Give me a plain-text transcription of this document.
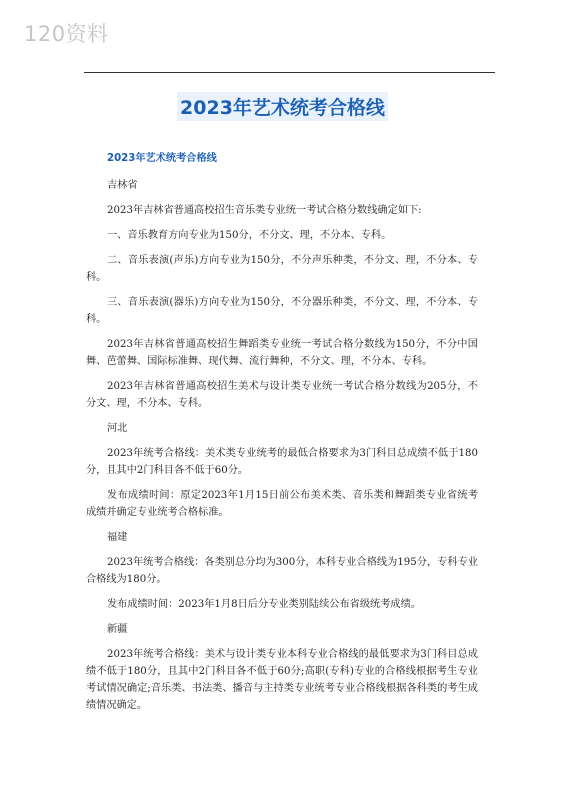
120资料
2023年艺术统考合格线
2023年艺术统考合格线

吉林省

2023年吉林省普通高校招生音乐类专业统一考试合格分数线确定如下:

一、音乐教育方向专业为150分，不分文、理，不分本、专科。

二、音乐表演(声乐)方向专业为150分，不分声乐种类，不分文、理，不分本、专科。

三、音乐表演(器乐)方向专业为150分，不分器乐种类，不分文、理，不分本、专科。

2023年吉林省普通高校招生舞蹈类专业统一考试合格分数线为150分，不分中国舞、芭蕾舞、国际标准舞、现代舞、流行舞种，不分文、理，不分本、专科。

2023年吉林省普通高校招生美术与设计类专业统一考试合格分数线为205分，不分文、理，不分本、专科。

河北

2023年统考合格线：美术类专业统考的最低合格要求为3门科目总成绩不低于180分，且其中2门科目各不低于60分。

发布成绩时间：原定2023年1月15日前公布美术类、音乐类和舞蹈类专业省统考成绩并确定专业统考合格标准。

福建

2023年统考合格线：各类别总分均为300分，本科专业合格线为195分，专科专业合格线为180分。

发布成绩时间：2023年1月8日后分专业类别陆续公布省级统考成绩。

新疆

2023年统考合格线：美术与设计类专业本科专业合格线的最低要求为3门科目总成绩不低于180分，且其中2门科目各不低于60分;高职(专科)专业的合格线根据考生专业考试情况确定;音乐类、书法类、播音与主持类专业统考专业合格线根据各科类的考生成绩情况确定。
